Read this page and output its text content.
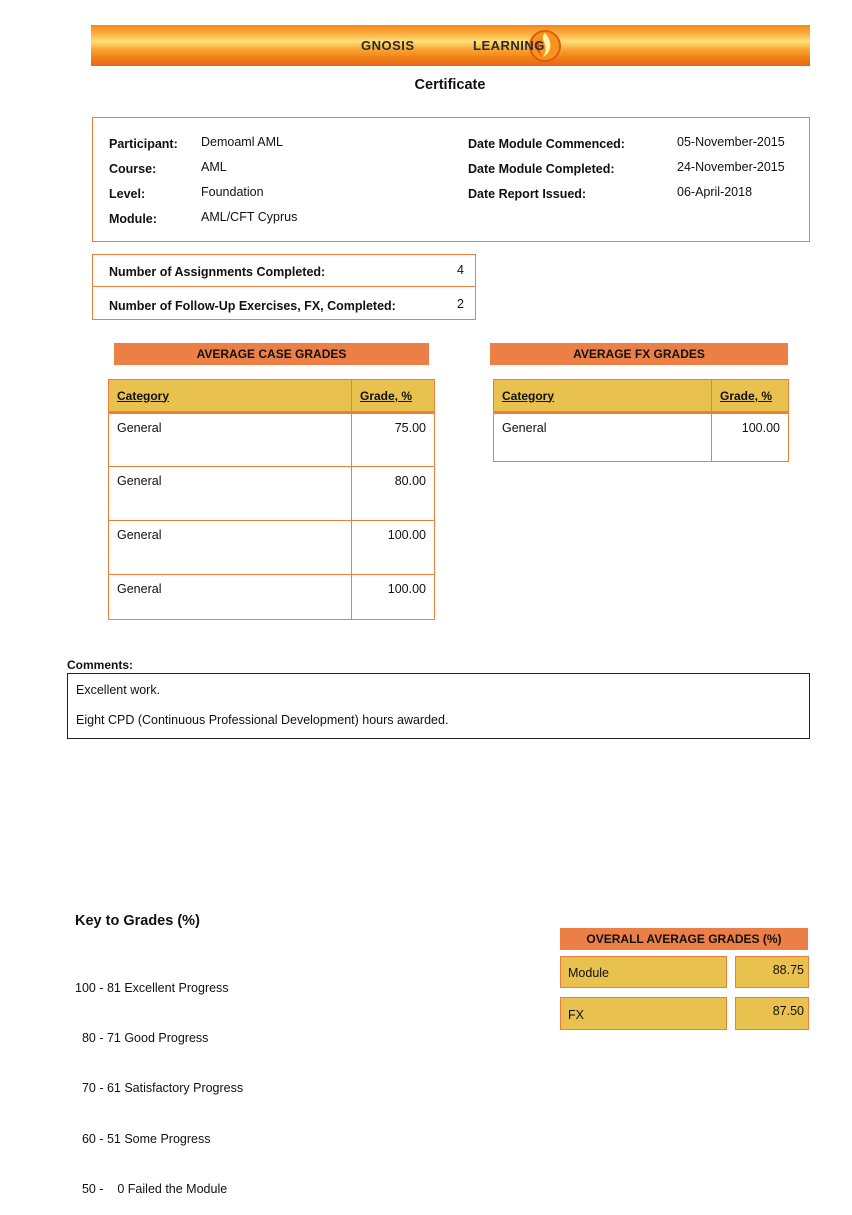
GNOSIS	LEARNING
Certificate
Participant: Demoaml AML
Course:	AML
Level:	Foundation
Module:	AML/CFT Cyprus
Date Module Commenced:	05-November-2015
Date Module Completed:	24-November-2015
Date Report Issued:	06-April-2018
Number of Assignments Completed:	4
Number of Follow-Up Exercises, FX, Completed:	2
AVERAGE CASE GRADES
Category	Grade, %
General	75.00
General	80.00
General	100.00
General	100.00
AVERAGE FX GRADES
Category	Grade, %
General	100.00
Comments:
Excellent work.
Eight CPD (Continuous Professional Development) hours awarded.
Key to Grades (%)

100 - 81 Excellent Progress

80 - 71 Good Progress

70 - 61 Satisfactory Progress

60 - 51 Some Progress

50 -    0 Failed the Module

OVERALL AVERAGE GRADES (%)
Module	88.75
FX	87.50
